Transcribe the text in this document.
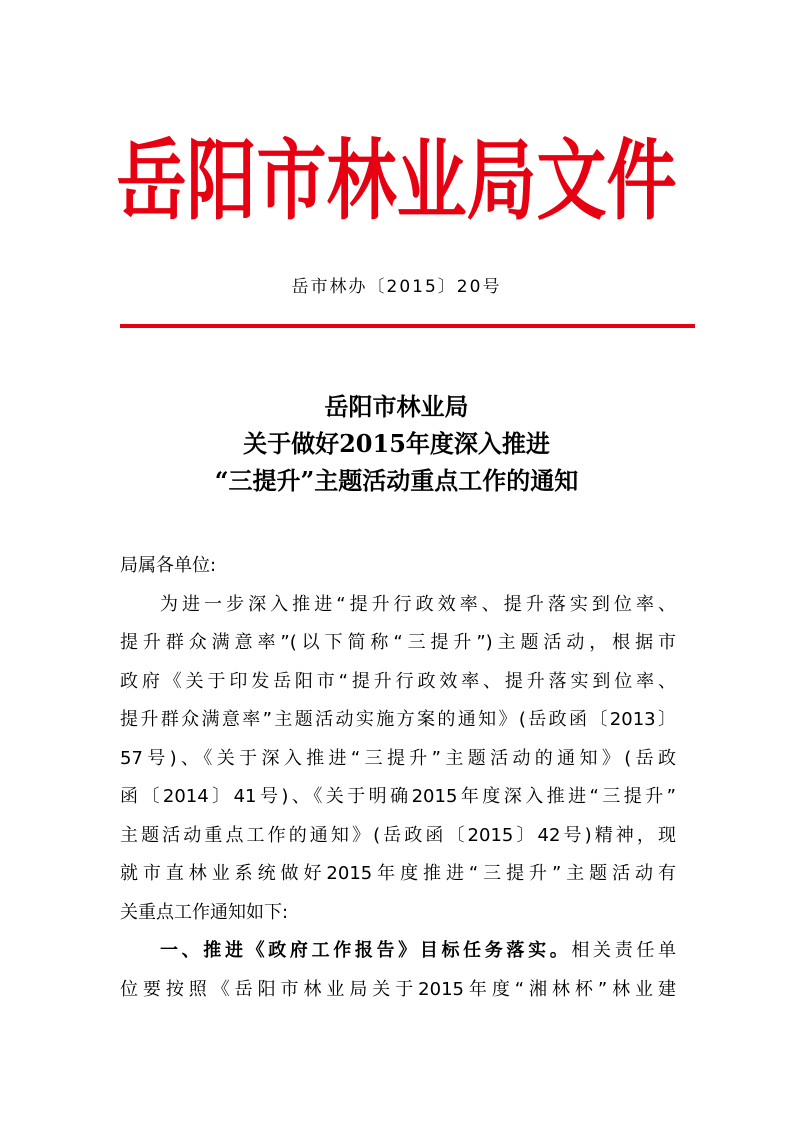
岳阳市林业局文件
岳市林办〔2015〕20号
岳阳市林业局
关于做好2015年度深入推进
“三提升”主题活动重点工作的通知
局属各单位:
为进一步深入推进“提升行政效率、提升落实到位率、
提升群众满意率”(以下简称“三提升”)主题活动，根据市
政府《关于印发岳阳市“提升行政效率、提升落实到位率、
提升群众满意率”主题活动实施方案的通知》(岳政函〔2013〕
57号)、《关于深入推进“三提升”主题活动的通知》(岳政
函〔2014〕41号)、《关于明确2015年度深入推进“三提升”
主题活动重点工作的通知》(岳政函〔2015〕42号)精神，现
就市直林业系统做好2015年度推进“三提升”主题活动有
关重点工作通知如下:
一、推进《政府工作报告》目标任务落实。相关责任单
位要按照《岳阳市林业局关于2015年度“湘林杯”林业建
